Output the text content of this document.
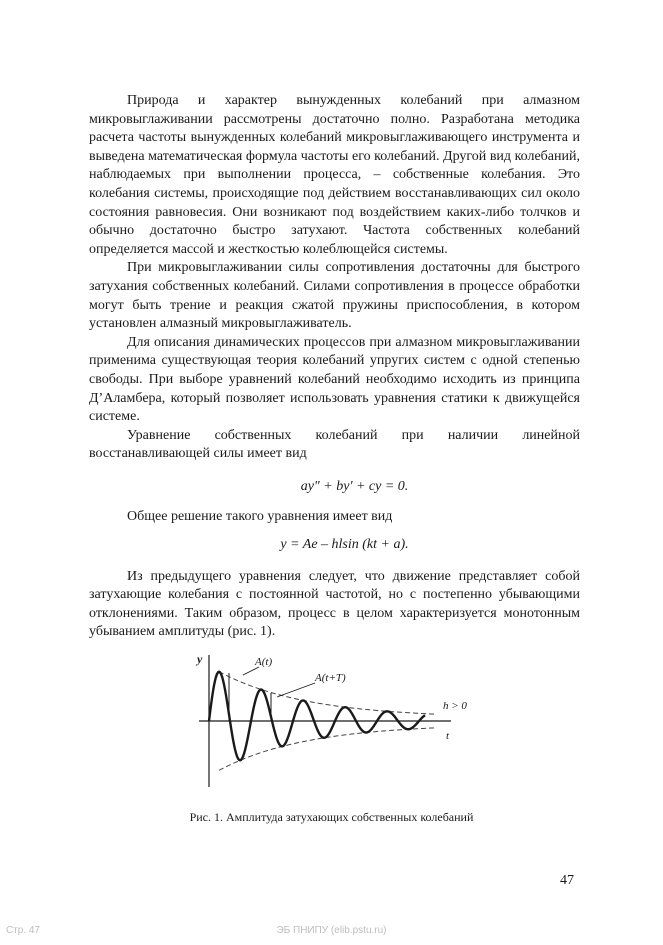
Природа и характер вынужденных колебаний при алмазном микровыглаживании рассмотрены достаточно полно. Разработана методика расчета частоты вынужденных колебаний микровыглаживающего инструмента и выведена математическая формула частоты его колебаний. Другой вид колебаний, наблюдаемых при выполнении процесса, – собственные колебания. Это колебания системы, происходящие под действием восстанавливающих сил около состояния равновесия. Они возникают под воздействием каких-либо толчков и обычно достаточно быстро затухают. Частота собственных колебаний определяется массой и жесткостью колеблющейся системы.

При микровыглаживании силы сопротивления достаточны для быстрого затухания собственных колебаний. Силами сопротивления в процессе обработки могут быть трение и реакция сжатой пружины приспособления, в котором установлен алмазный микровыглаживатель.

Для описания динамических процессов при алмазном микровыглаживании применима существующая теория колебаний упругих систем с одной степенью свободы. При выборе уравнений колебаний необходимо исходить из принципа Д’Аламбера, который позволяет использовать уравнения статики к движущейся системе.

Уравнение собственных колебаний при наличии линейной восстанавливающей силы имеет вид

ay" + by' + cy = 0.

Общее решение такого уравнения имеет вид

y = Ae – hlsin (kt + a).

Из предыдущего уравнения следует, что движение представляет собой затухающие колебания с постоянной частотой, но с постепенно убывающими отклонениями. Таким образом, процесс в целом характеризуется монотонным убыванием амплитуды (рис. 1).

y
t
A(t)
A(t+T)
h > 0
Рис. 1. Амплитуда затухающих собственных колебаний
47
Стр. 47	ЭБ ПНИПУ (elib.pstu.ru)
